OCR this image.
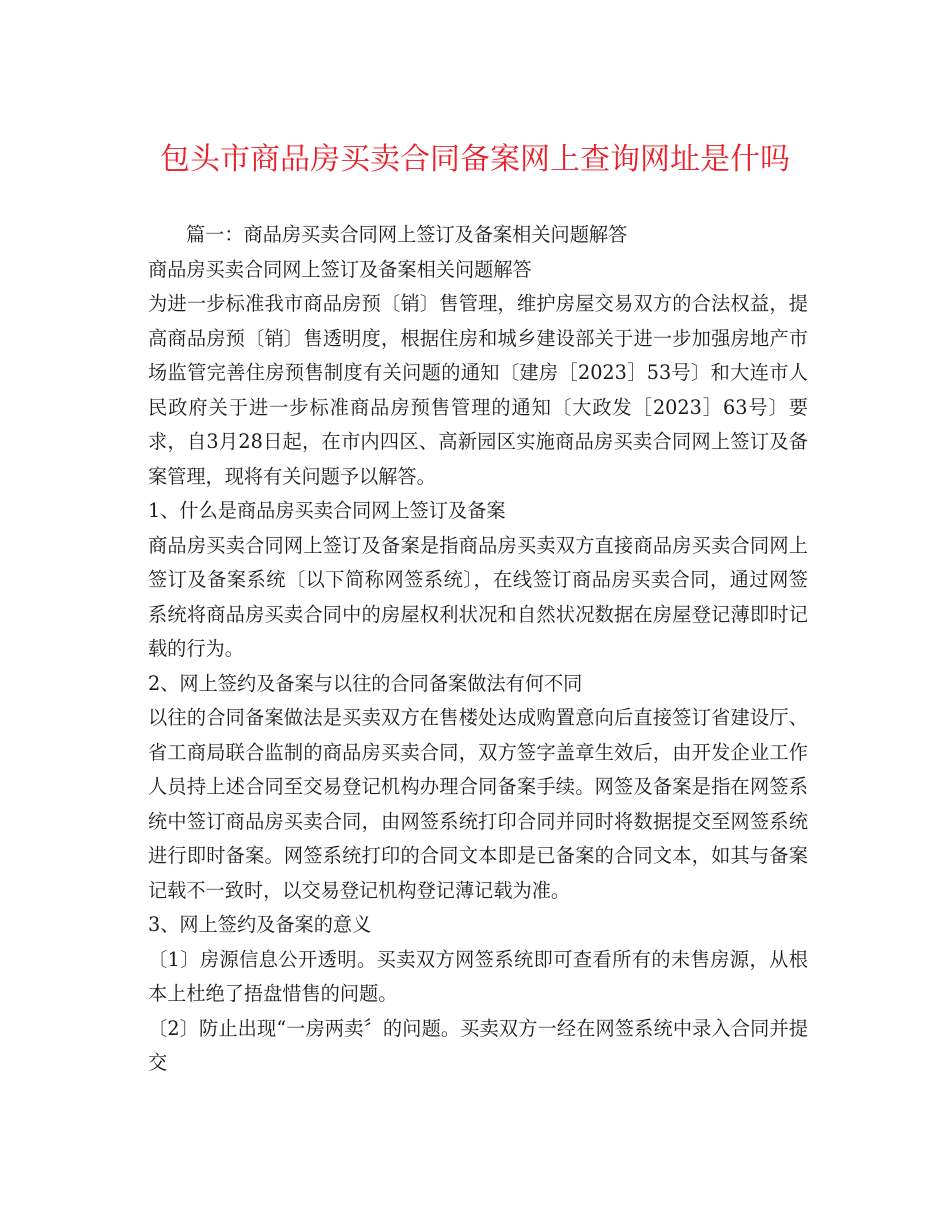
包头市商品房买卖合同备案网上查询网址是什吗

篇一：商品房买卖合同网上签订及备案相关问题解答

商品房买卖合同网上签订及备案相关问题解答

为进一步标准我市商品房预〔销〕售管理，维护房屋交易双方的合法权益，提高商品房预〔销〕售透明度，根据住房和城乡建设部关于进一步加强房地产市场监管完善住房预售制度有关问题的通知〔建房［2023］53号〕和大连市人民政府关于进一步标准商品房预售管理的通知〔大政发［2023］63号〕要求，自3月28日起，在市内四区、高新园区实施商品房买卖合同网上签订及备案管理，现将有关问题予以解答。

1、什么是商品房买卖合同网上签订及备案

商品房买卖合同网上签订及备案是指商品房买卖双方直接商品房买卖合同网上签订及备案系统〔以下简称网签系统〕，在线签订商品房买卖合同，通过网签系统将商品房买卖合同中的房屋权利状况和自然状况数据在房屋登记薄即时记载的行为。

2、网上签约及备案与以往的合同备案做法有何不同

以往的合同备案做法是买卖双方在售楼处达成购置意向后直接签订省建设厅、省工商局联合监制的商品房买卖合同，双方签字盖章生效后，由开发企业工作人员持上述合同至交易登记机构办理合同备案手续。网签及备案是指在网签系统中签订商品房买卖合同，由网签系统打印合同并同时将数据提交至网签系统进行即时备案。网签系统打印的合同文本即是已备案的合同文本，如其与备案记载不一致时，以交易登记机构登记薄记载为准。

3、网上签约及备案的意义

〔1〕房源信息公开透明。买卖双方网签系统即可查看所有的未售房源，从根本上杜绝了捂盘惜售的问题。

〔2〕防止出现“一房两卖〞的问题。买卖双方一经在网签系统中录入合同并提交
